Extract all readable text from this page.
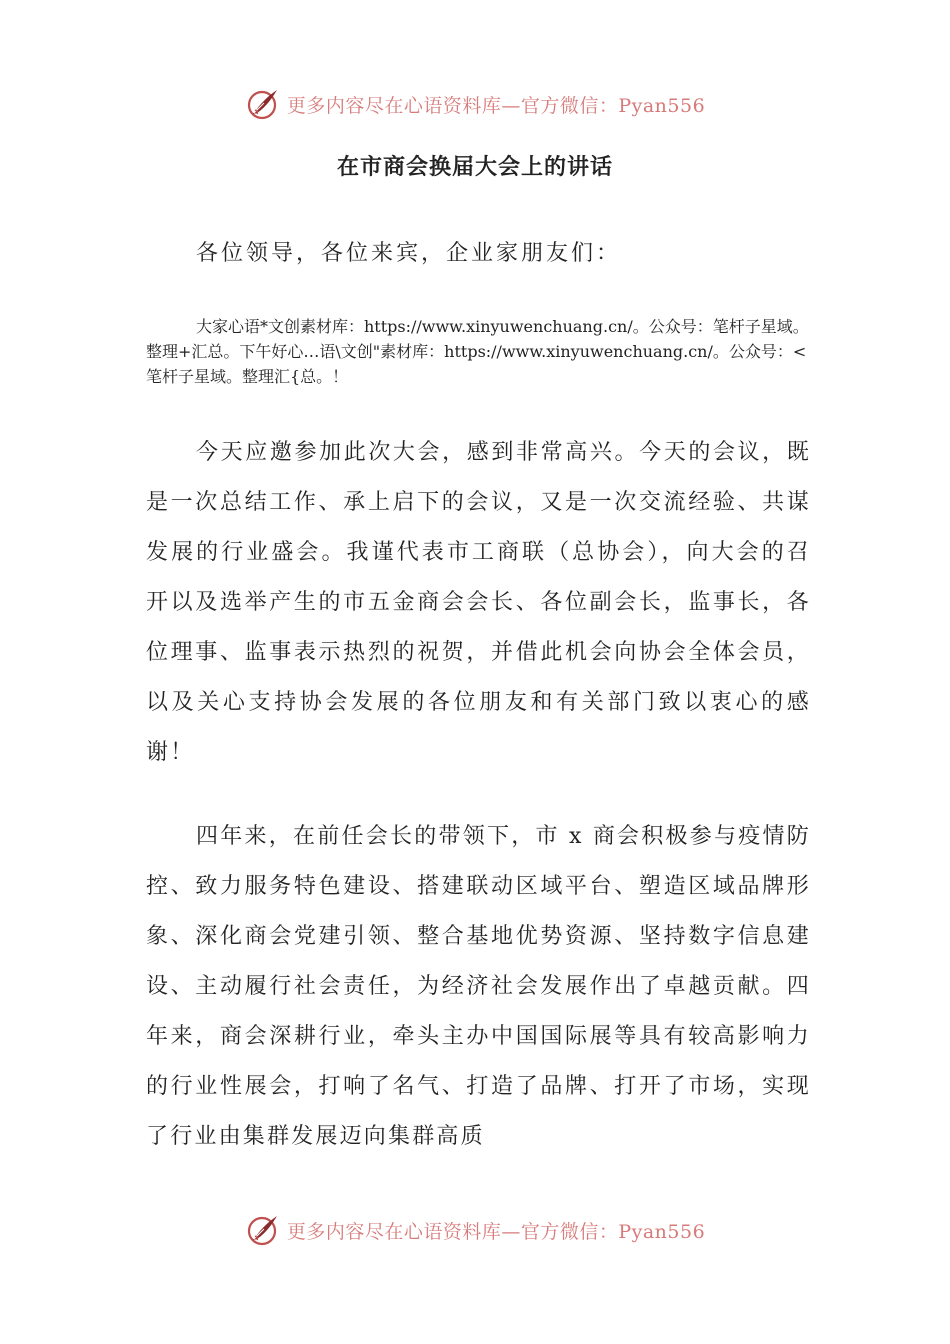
更多内容尽在心语资料库—官方微信：Pyan556
在市商会换届大会上的讲话
各位领导，各位来宾，企业家朋友们：
大家心语*文创素材库：https://www.xinyuwenchuang.cn/。公众号：笔杆子星域。整理+汇总。下午好心…语\文创"素材库：https://www.xinyuwenchuang.cn/。公众号：<笔杆子星域。整理汇{总。！
今天应邀参加此次大会，感到非常高兴。今天的会议，既是一次总结工作、承上启下的会议，又是一次交流经验、共谋发展的行业盛会。我谨代表市工商联（总协会），向大会的召开以及选举产生的市五金商会会长、各位副会长，监事长，各位理事、监事表示热烈的祝贺，并借此机会向协会全体会员，以及关心支持协会发展的各位朋友和有关部门致以衷心的感谢！
四年来，在前任会长的带领下，市 x 商会积极参与疫情防控、致力服务特色建设、搭建联动区域平台、塑造区域品牌形象、深化商会党建引领、整合基地优势资源、坚持数字信息建设、主动履行社会责任，为经济社会发展作出了卓越贡献。四年来，商会深耕行业，牵头主办中国国际展等具有较高影响力的行业性展会，打响了名气、打造了品牌、打开了市场，实现了行业由集群发展迈向集群高质
更多内容尽在心语资料库—官方微信：Pyan556
